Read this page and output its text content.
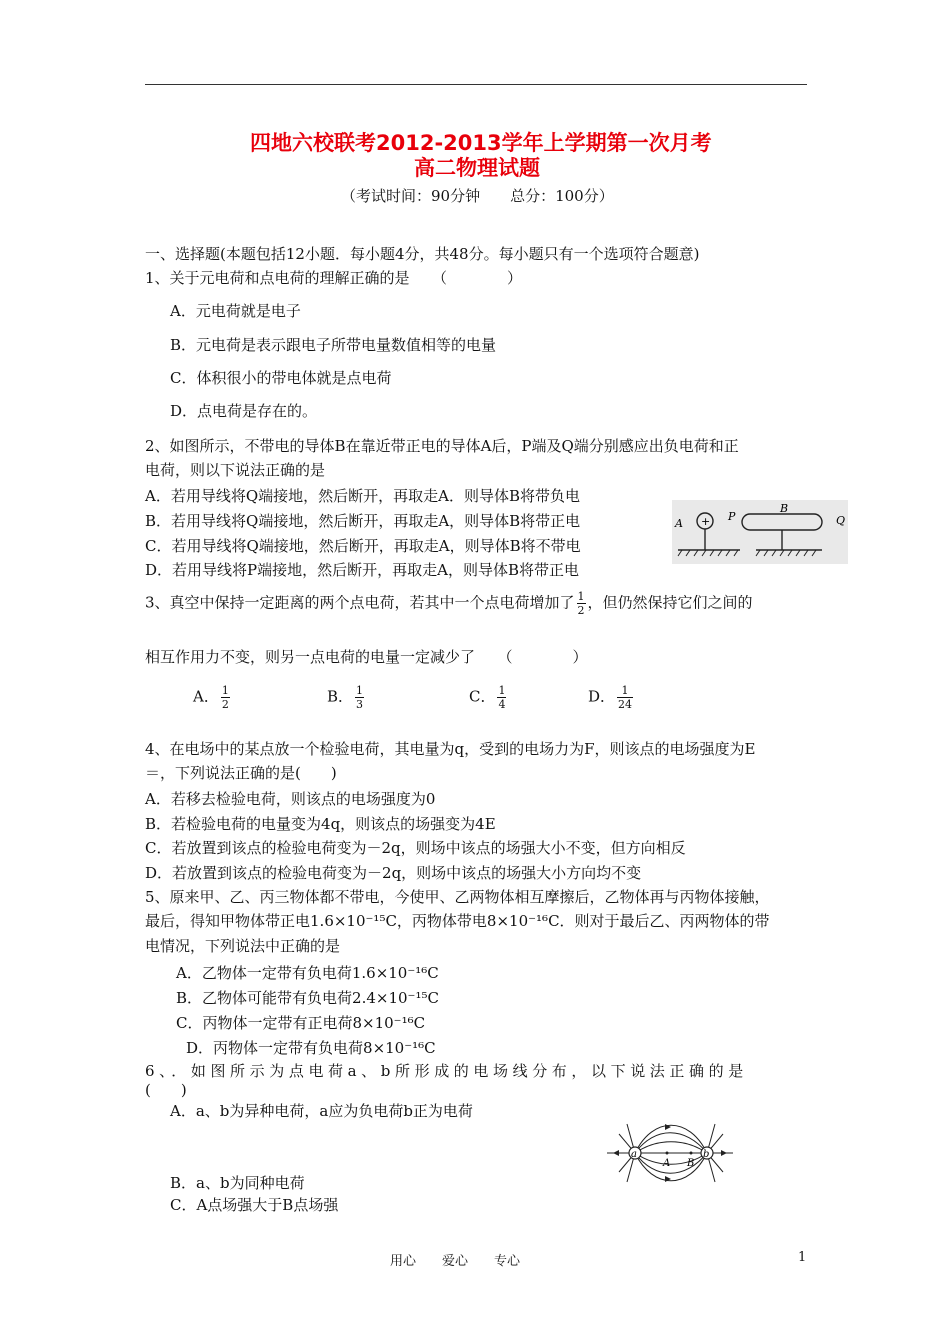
四地六校联考2012-2013学年上学期第一次月考
高二物理试题
（考试时间：90分钟　　总分：100分）
一、选择题(本题包括12小题．每小题4分，共48分。每小题只有一个选项符合题意)
1、关于元电荷和点电荷的理解正确的是　　（　　　　）
A．元电荷就是电子
B．元电荷是表示跟电子所带电量数值相等的电量
C．体积很小的带电体就是点电荷
D．点电荷是存在的。
2、如图所示，不带电的导体B在靠近带正电的导体A后，P端及Q端分别感应出负电荷和正
电荷，则以下说法正确的是
A．若用导线将Q端接地，然后断开，再取走A．则导体B将带负电
B．若用导线将Q端接地，然后断开，再取走A，则导体B将带正电
C．若用导线将Q端接地，然后断开，再取走A，则导体B将不带电
D．若用导线将P端接地，然后断开，再取走A，则导体B将带正电
A + P
B
Q
3、真空中保持一定距离的两个点电荷，若其中一个点电荷增加了 $\frac{1}{2}$ ，但仍然保持它们之间的
相互作用力不变，则另一点电荷的电量一定减少了　　（　　　　）
A． $\frac{1}{2}$	B． $\frac{1}{3}$	C． $\frac{1}{4}$	D． $\frac{1}{24}$
4、在电场中的某点放一个检验电荷，其电量为q，受到的电场力为F，则该点的电场强度为E
＝，下列说法正确的是(　　)
A．若移去检验电荷，则该点的电场强度为0
B．若检验电荷的电量变为4q，则该点的场强变为4E
C．若放置到该点的检验电荷变为－2q，则场中该点的场强大小不变，但方向相反
D．若放置到该点的检验电荷变为－2q，则场中该点的场强大小方向均不变
5、原来甲、乙、丙三物体都不带电，今使甲、乙两物体相互摩擦后，乙物体再与丙物体接触，
最后，得知甲物体带正电1.6×10⁻¹⁵C，丙物体带电8×10⁻¹⁶C．则对于最后乙、丙两物体的带
电情况，下列说法中正确的是
A．乙物体一定带有负电荷1.6×10⁻¹⁶C
B．乙物体可能带有负电荷2.4×10⁻¹⁵C
C．丙物体一定带有正电荷8×10⁻¹⁶C
D．丙物体一定带有负电荷8×10⁻¹⁶C
6、．如图所示为点电荷a、b所形成的电场线分布，以下说法正确的是
(　　)
A．a、b为异种电荷，a应为负电荷b正为电荷
a	b
A B
B．a、b为同种电荷
C．A点场强大于B点场强
用心　　爱心　　专心	1
